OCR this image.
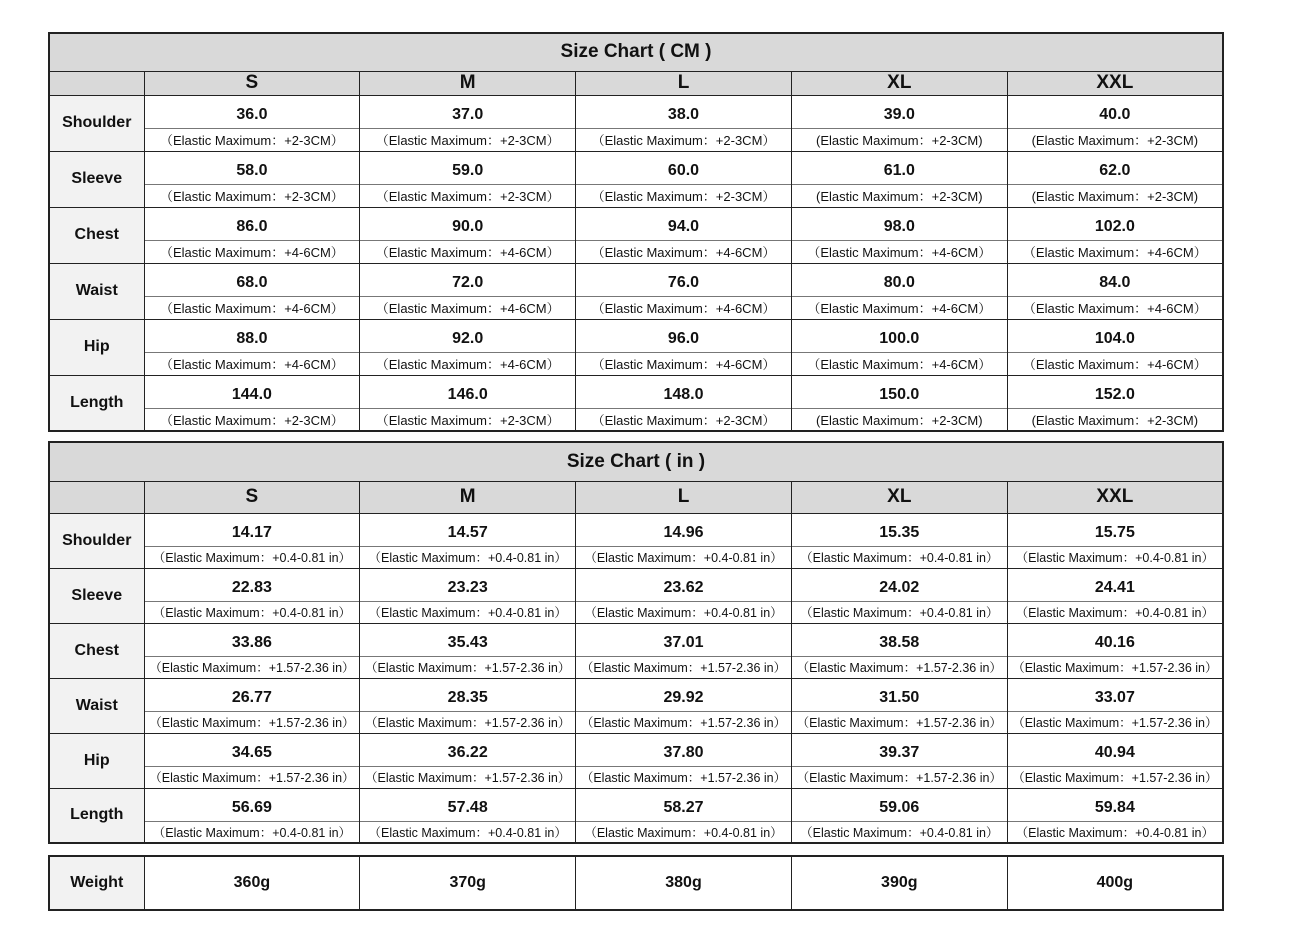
Size Chart ( CM )					
	S	M	L	XL	XXL
Shoulder	36.0	37.0	38.0	39.0	40.0
	（Elastic Maximum：+2-3CM）	（Elastic Maximum：+2-3CM）	（Elastic Maximum：+2-3CM）	(Elastic Maximum：+2-3CM)	(Elastic Maximum：+2-3CM)
Sleeve	58.0	59.0	60.0	61.0	62.0
	（Elastic Maximum：+2-3CM）	（Elastic Maximum：+2-3CM）	（Elastic Maximum：+2-3CM）	(Elastic Maximum：+2-3CM)	(Elastic Maximum：+2-3CM)
Chest	86.0	90.0	94.0	98.0	102.0
	（Elastic Maximum：+4-6CM）	（Elastic Maximum：+4-6CM）	（Elastic Maximum：+4-6CM）	（Elastic Maximum：+4-6CM）	（Elastic Maximum：+4-6CM）
Waist	68.0	72.0	76.0	80.0	84.0
	（Elastic Maximum：+4-6CM）	（Elastic Maximum：+4-6CM）	（Elastic Maximum：+4-6CM）	（Elastic Maximum：+4-6CM）	（Elastic Maximum：+4-6CM）
Hip	88.0	92.0	96.0	100.0	104.0
	（Elastic Maximum：+4-6CM）	（Elastic Maximum：+4-6CM）	（Elastic Maximum：+4-6CM）	（Elastic Maximum：+4-6CM）	（Elastic Maximum：+4-6CM）
Length	144.0	146.0	148.0	150.0	152.0
	（Elastic Maximum：+2-3CM）	（Elastic Maximum：+2-3CM）	（Elastic Maximum：+2-3CM）	(Elastic Maximum：+2-3CM)	(Elastic Maximum：+2-3CM)
Size Chart ( in )					
	S	M	L	XL	XXL
Shoulder	14.17	14.57	14.96	15.35	15.75
	（Elastic Maximum：+0.4-0.81 in）	（Elastic Maximum：+0.4-0.81 in）	（Elastic Maximum：+0.4-0.81 in）	（Elastic Maximum：+0.4-0.81 in）	（Elastic Maximum：+0.4-0.81 in）
Sleeve	22.83	23.23	23.62	24.02	24.41
	（Elastic Maximum：+0.4-0.81 in）	（Elastic Maximum：+0.4-0.81 in）	（Elastic Maximum：+0.4-0.81 in）	（Elastic Maximum：+0.4-0.81 in）	（Elastic Maximum：+0.4-0.81 in）
Chest	33.86	35.43	37.01	38.58	40.16
	（Elastic Maximum：+1.57-2.36 in）	（Elastic Maximum：+1.57-2.36 in）	（Elastic Maximum：+1.57-2.36 in）	（Elastic Maximum：+1.57-2.36 in）	（Elastic Maximum：+1.57-2.36 in）
Waist	26.77	28.35	29.92	31.50	33.07
	（Elastic Maximum：+1.57-2.36 in）	（Elastic Maximum：+1.57-2.36 in）	（Elastic Maximum：+1.57-2.36 in）	（Elastic Maximum：+1.57-2.36 in）	（Elastic Maximum：+1.57-2.36 in）
Hip	34.65	36.22	37.80	39.37	40.94
	（Elastic Maximum：+1.57-2.36 in）	（Elastic Maximum：+1.57-2.36 in）	（Elastic Maximum：+1.57-2.36 in）	（Elastic Maximum：+1.57-2.36 in）	（Elastic Maximum：+1.57-2.36 in）
Length	56.69	57.48	58.27	59.06	59.84
	（Elastic Maximum：+0.4-0.81 in）	（Elastic Maximum：+0.4-0.81 in）	（Elastic Maximum：+0.4-0.81 in）	（Elastic Maximum：+0.4-0.81 in）	（Elastic Maximum：+0.4-0.81 in）
Weight	360g	370g	380g	390g	400g
